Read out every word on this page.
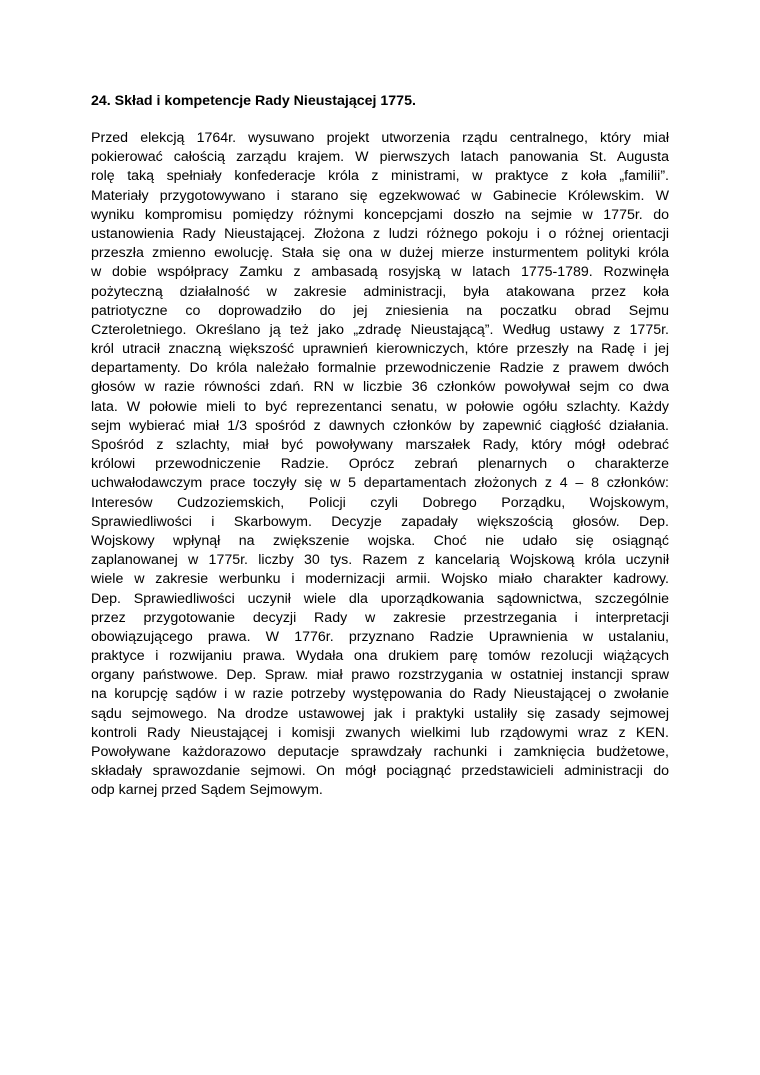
24. Skład i kompetencje Rady Nieustającej 1775.
Przed elekcją 1764r. wysuwano projekt utworzenia rządu centralnego, który miał
pokierować całością zarządu krajem. W pierwszych latach panowania St. Augusta
rolę taką spełniały konfederacje króla z ministrami, w praktyce z koła „familii”.
Materiały przygotowywano i starano się egzekwować w Gabinecie Królewskim. W
wyniku kompromisu pomiędzy różnymi koncepcjami doszło na sejmie w 1775r. do
ustanowienia Rady Nieustającej. Złożona z ludzi różnego pokoju i o różnej orientacji
przeszła zmienno ewolucję. Stała się ona w dużej mierze insturmentem polityki króla
w dobie współpracy Zamku z ambasadą rosyjską w latach 1775-1789. Rozwinęła
pożyteczną działalność w zakresie administracji, była atakowana przez koła
patriotyczne co doprowadziło do jej zniesienia na poczatku obrad Sejmu
Czteroletniego. Określano ją też jako „zdradę Nieustającą”. Według ustawy z 1775r.
król utracił znaczną większość uprawnień kierowniczych, które przeszły na Radę i jej
departamenty. Do króla należało formalnie przewodniczenie Radzie z prawem dwóch
głosów w razie równości zdań. RN w liczbie 36 członków powoływał sejm co dwa
lata. W połowie mieli to być reprezentanci senatu, w połowie ogółu szlachty. Każdy
sejm wybierać miał 1/3 spośród z dawnych członków by zapewnić ciągłość działania.
Spośród z szlachty, miał być powoływany marszałek Rady, który mógł odebrać
królowi przewodniczenie Radzie. Oprócz zebrań plenarnych o charakterze
uchwałodawczym prace toczyły się w 5 departamentach złożonych z 4 – 8 członków:
Interesów Cudzoziemskich, Policji czyli Dobrego Porządku, Wojskowym,
Sprawiedliwości i Skarbowym. Decyzje zapadały większością głosów. Dep.
Wojskowy wpłynął na zwiększenie wojska. Choć nie udało się osiągnąć
zaplanowanej w 1775r. liczby 30 tys. Razem z kancelarią Wojskową króla uczynił
wiele w zakresie werbunku i modernizacji armii. Wojsko miało charakter kadrowy.
Dep. Sprawiedliwości uczynił wiele dla uporządkowania sądownictwa, szczególnie
przez przygotowanie decyzji Rady w zakresie przestrzegania i interpretacji
obowiązującego prawa. W 1776r. przyznano Radzie Uprawnienia w ustalaniu,
praktyce i rozwijaniu prawa. Wydała ona drukiem parę tomów rezolucji wiążących
organy państwowe. Dep. Spraw. miał prawo rozstrzygania w ostatniej instancji spraw
na korupcję sądów i w razie potrzeby występowania do Rady Nieustającej o zwołanie
sądu sejmowego. Na drodze ustawowej jak i praktyki ustaliły się zasady sejmowej
kontroli Rady Nieustającej i komisji zwanych wielkimi lub rządowymi wraz z KEN.
Powoływane każdorazowo deputacje sprawdzały rachunki i zamknięcia budżetowe,
składały sprawozdanie sejmowi. On mógł pociągnąć przedstawicieli administracji do
odp karnej przed Sądem Sejmowym.
